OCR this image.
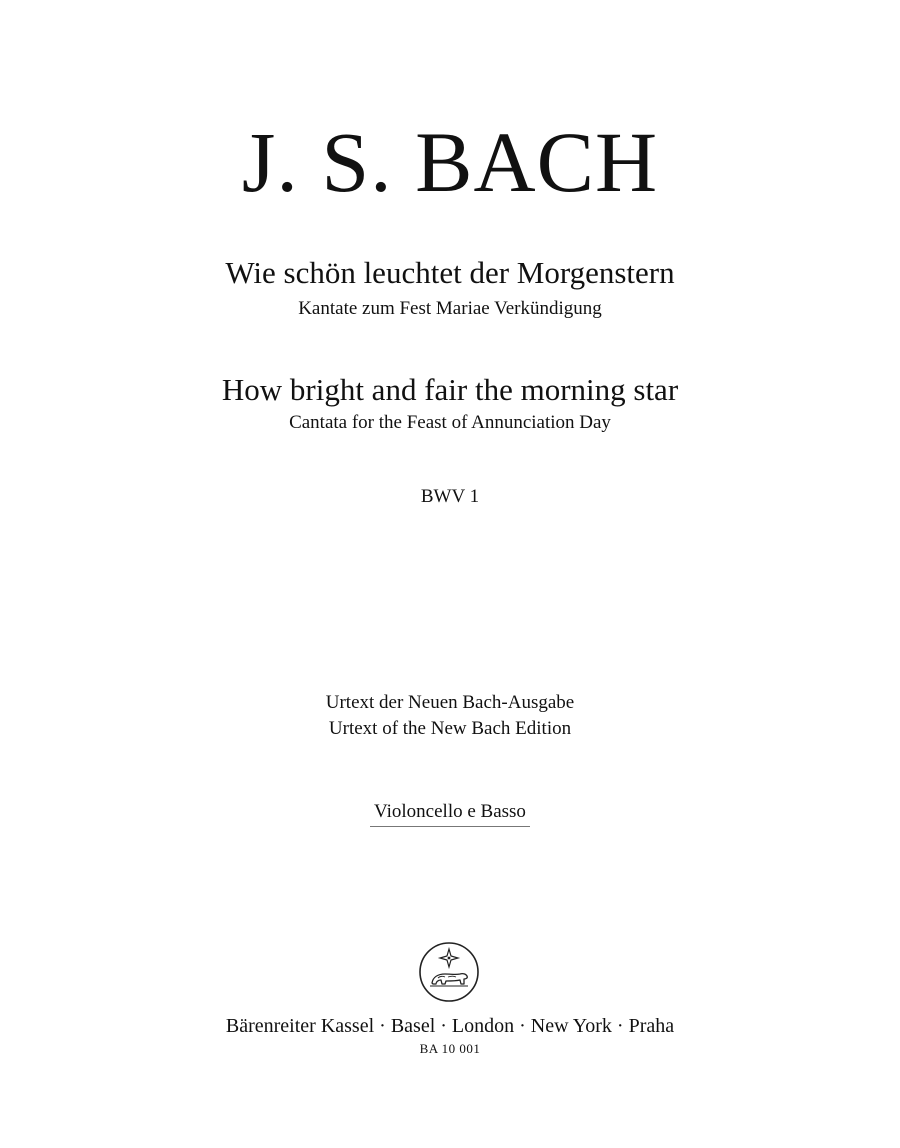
J. S. BACH
Wie schön leuchtet der Morgenstern
Kantate zum Fest Mariae Verkündigung
How bright and fair the morning star
Cantata for the Feast of Annunciation Day
BWV 1
Urtext der Neuen Bach-Ausgabe
Urtext of the New Bach Edition
Violoncello e Basso
Bärenreiter Kassel · Basel · London · New York · Praha
BA 10 001
